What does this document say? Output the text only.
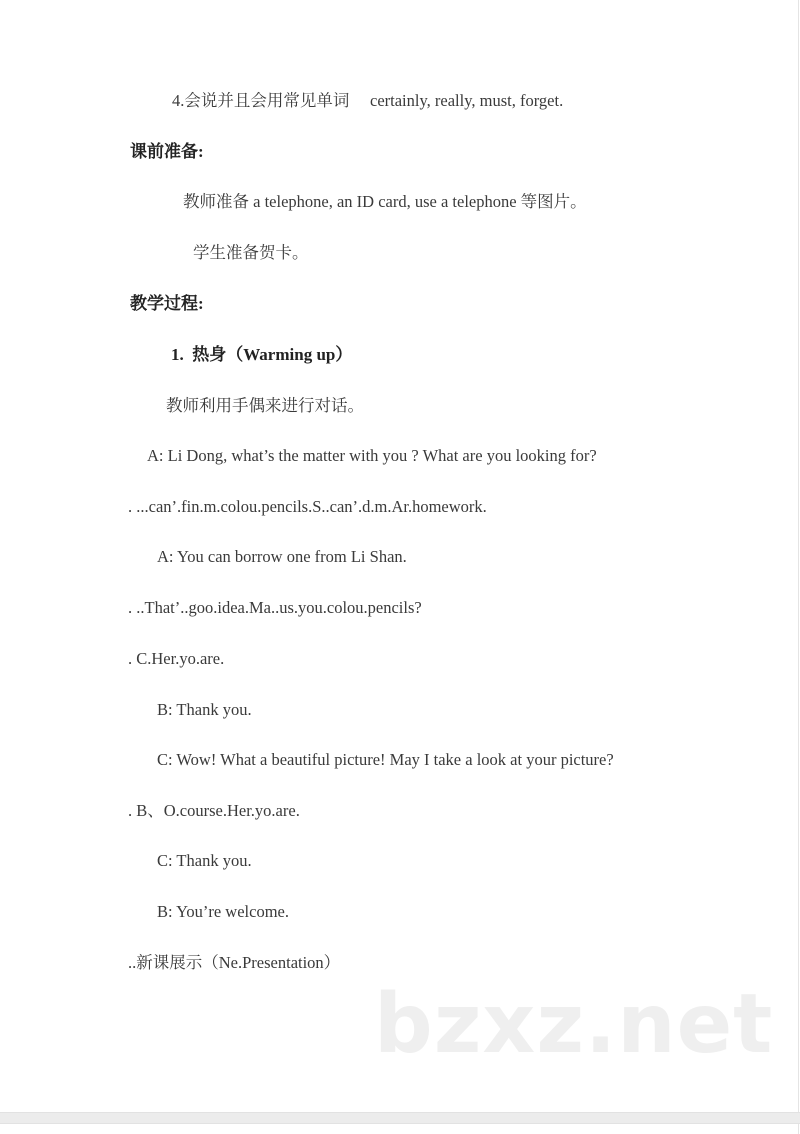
4.会说并且会用常见单词　 certainly, really, must, forget.
课前准备:
教师准备 a telephone, an ID card, use a telephone 等图片。
学生准备贺卡。
教学过程:
1.  热身（Warming up）
教师利用手偶来进行对话。
A: Li Dong, what’s the matter with you ? What are you looking for?
. ...can’.fin.m.colou.pencils.S..can’.d.m.Ar.homework.
A: You can borrow one from Li Shan.
. ..That’..goo.idea.Ma..us.you.colou.pencils?
. C.Her.yo.are.
B: Thank you.
C: Wow! What a beautiful picture! May I take a look at your picture?
. B、O.course.Her.yo.are.
C: Thank you.
B: You’re welcome.
..新课展示（Ne.Presentation）
bzxz.net
